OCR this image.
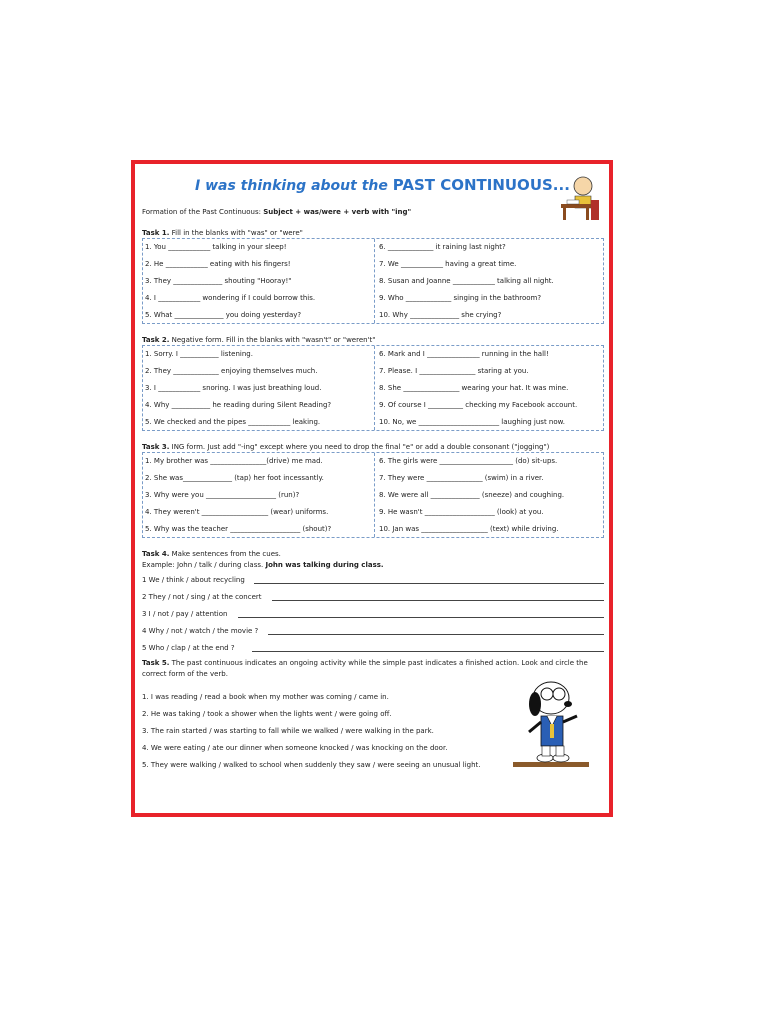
I was thinking about the PAST CONTINUOUS...
Formation of the Past Continuous: Subject + was/were + verb with "ing"
Task 1. Fill in the blanks with "was" or "were"
1. You ____________ talking in your sleep!
2. He ____________ eating with his fingers!
3. They ______________ shouting "Hooray!"
4. I ____________ wondering if I could borrow this.
5. What ______________ you doing yesterday?
6. _____________ it raining last night?
7. We ____________ having a great time.
8. Susan and Joanne ____________ talking all night.
9. Who _____________ singing in the bathroom?
10. Why ______________ she crying?
Task 2. Negative form. Fill in the blanks with "wasn't" or "weren't"
1. Sorry. I ___________ listening.
2. They _____________ enjoying themselves much.
3. I ____________ snoring. I was just breathing loud.
4. Why ___________ he reading during Silent Reading?
5. We checked and the pipes ____________ leaking.
6. Mark and I _______________ running in the hall!
7. Please. I ________________ staring at you.
8. She ________________ wearing your hat. It was mine.
9. Of course I __________ checking my Facebook account.
10. No, we _______________________ laughing just now.
Task 3. ING form. Just add "-ing" except where you need to drop the final "e" or add a double consonant ("jogging")
1. My brother was ________________(drive) me mad.
2. She was______________ (tap) her foot incessantly.
3. Why were you ____________________ (run)?
4. They weren't ___________________ (wear) uniforms.
5. Why was the teacher ____________________ (shout)?
6. The girls were _____________________ (do) sit-ups.
7. They were ________________ (swim) in a river.
8. We were all ______________ (sneeze) and coughing.
9. He wasn't ____________________ (look) at you.
10. Jan was ___________________ (text) while driving.
Task 4. Make sentences from the cues.
Example: John / talk / during class. John was talking during class.
1 We / think / about recycling
2 They / not / sing / at the concert
3 I / not / pay / attention
4 Why / not / watch / the movie ?
5 Who / clap / at the end ?
Task 5. The past continuous indicates an ongoing activity while the simple past indicates a finished action. Look and circle the correct form of the verb.
1. I was reading / read a book when my mother was coming / came in.
2. He was taking / took a shower when the lights went / were going off.
3. The rain started / was starting to fall while we walked / were walking in the park.
4. We were eating / ate our dinner when someone knocked / was knocking on the door.
5. They were walking / walked to school when suddenly they saw / were seeing an unusual light.
